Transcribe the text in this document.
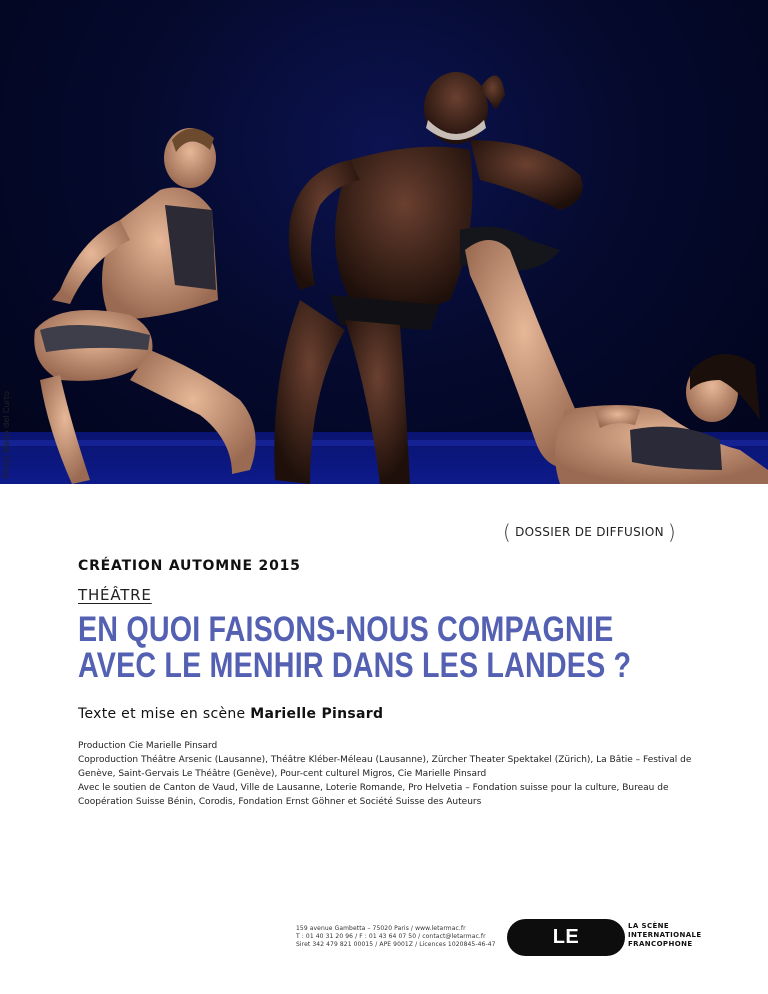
Photo Mario del Curto
( DOSSIER DE DIFFUSION )
CRÉATION AUTOMNE 2015
THÉÂTRE
EN QUOI FAISONS-NOUS COMPAGNIE
AVEC LE MENHIR DANS LES LANDES ?
Texte et mise en scène Marielle Pinsard

Production Cie Marielle Pinsard

Coproduction Théâtre Arsenic (Lausanne), Théâtre Kléber-Méleau (Lausanne), Zürcher Theater Spektakel (Zürich), La Bâtie – Festival de Genève, Saint-Gervais Le Théâtre (Genève), Pour-cent culturel Migros, Cie Marielle Pinsard

Avec le soutien de Canton de Vaud, Ville de Lausanne, Loterie Romande, Pro Helvetia – Fondation suisse pour la culture, Bureau de Coopération Suisse Bénin, Corodis, Fondation Ernst Göhner et Société Suisse des Auteurs

159 avenue Gambetta – 75020 Paris / www.letarmac.fr

T : 01 40 31 20 96 / F : 01 43 64 07 50 / contact@letarmac.fr

Siret 342 479 821 00015 / APE 9001Z / Licences 1020845-46-47	LE TARMAC

LA SCÈNE

INTERNATIONALE

FRANCOPHONE
